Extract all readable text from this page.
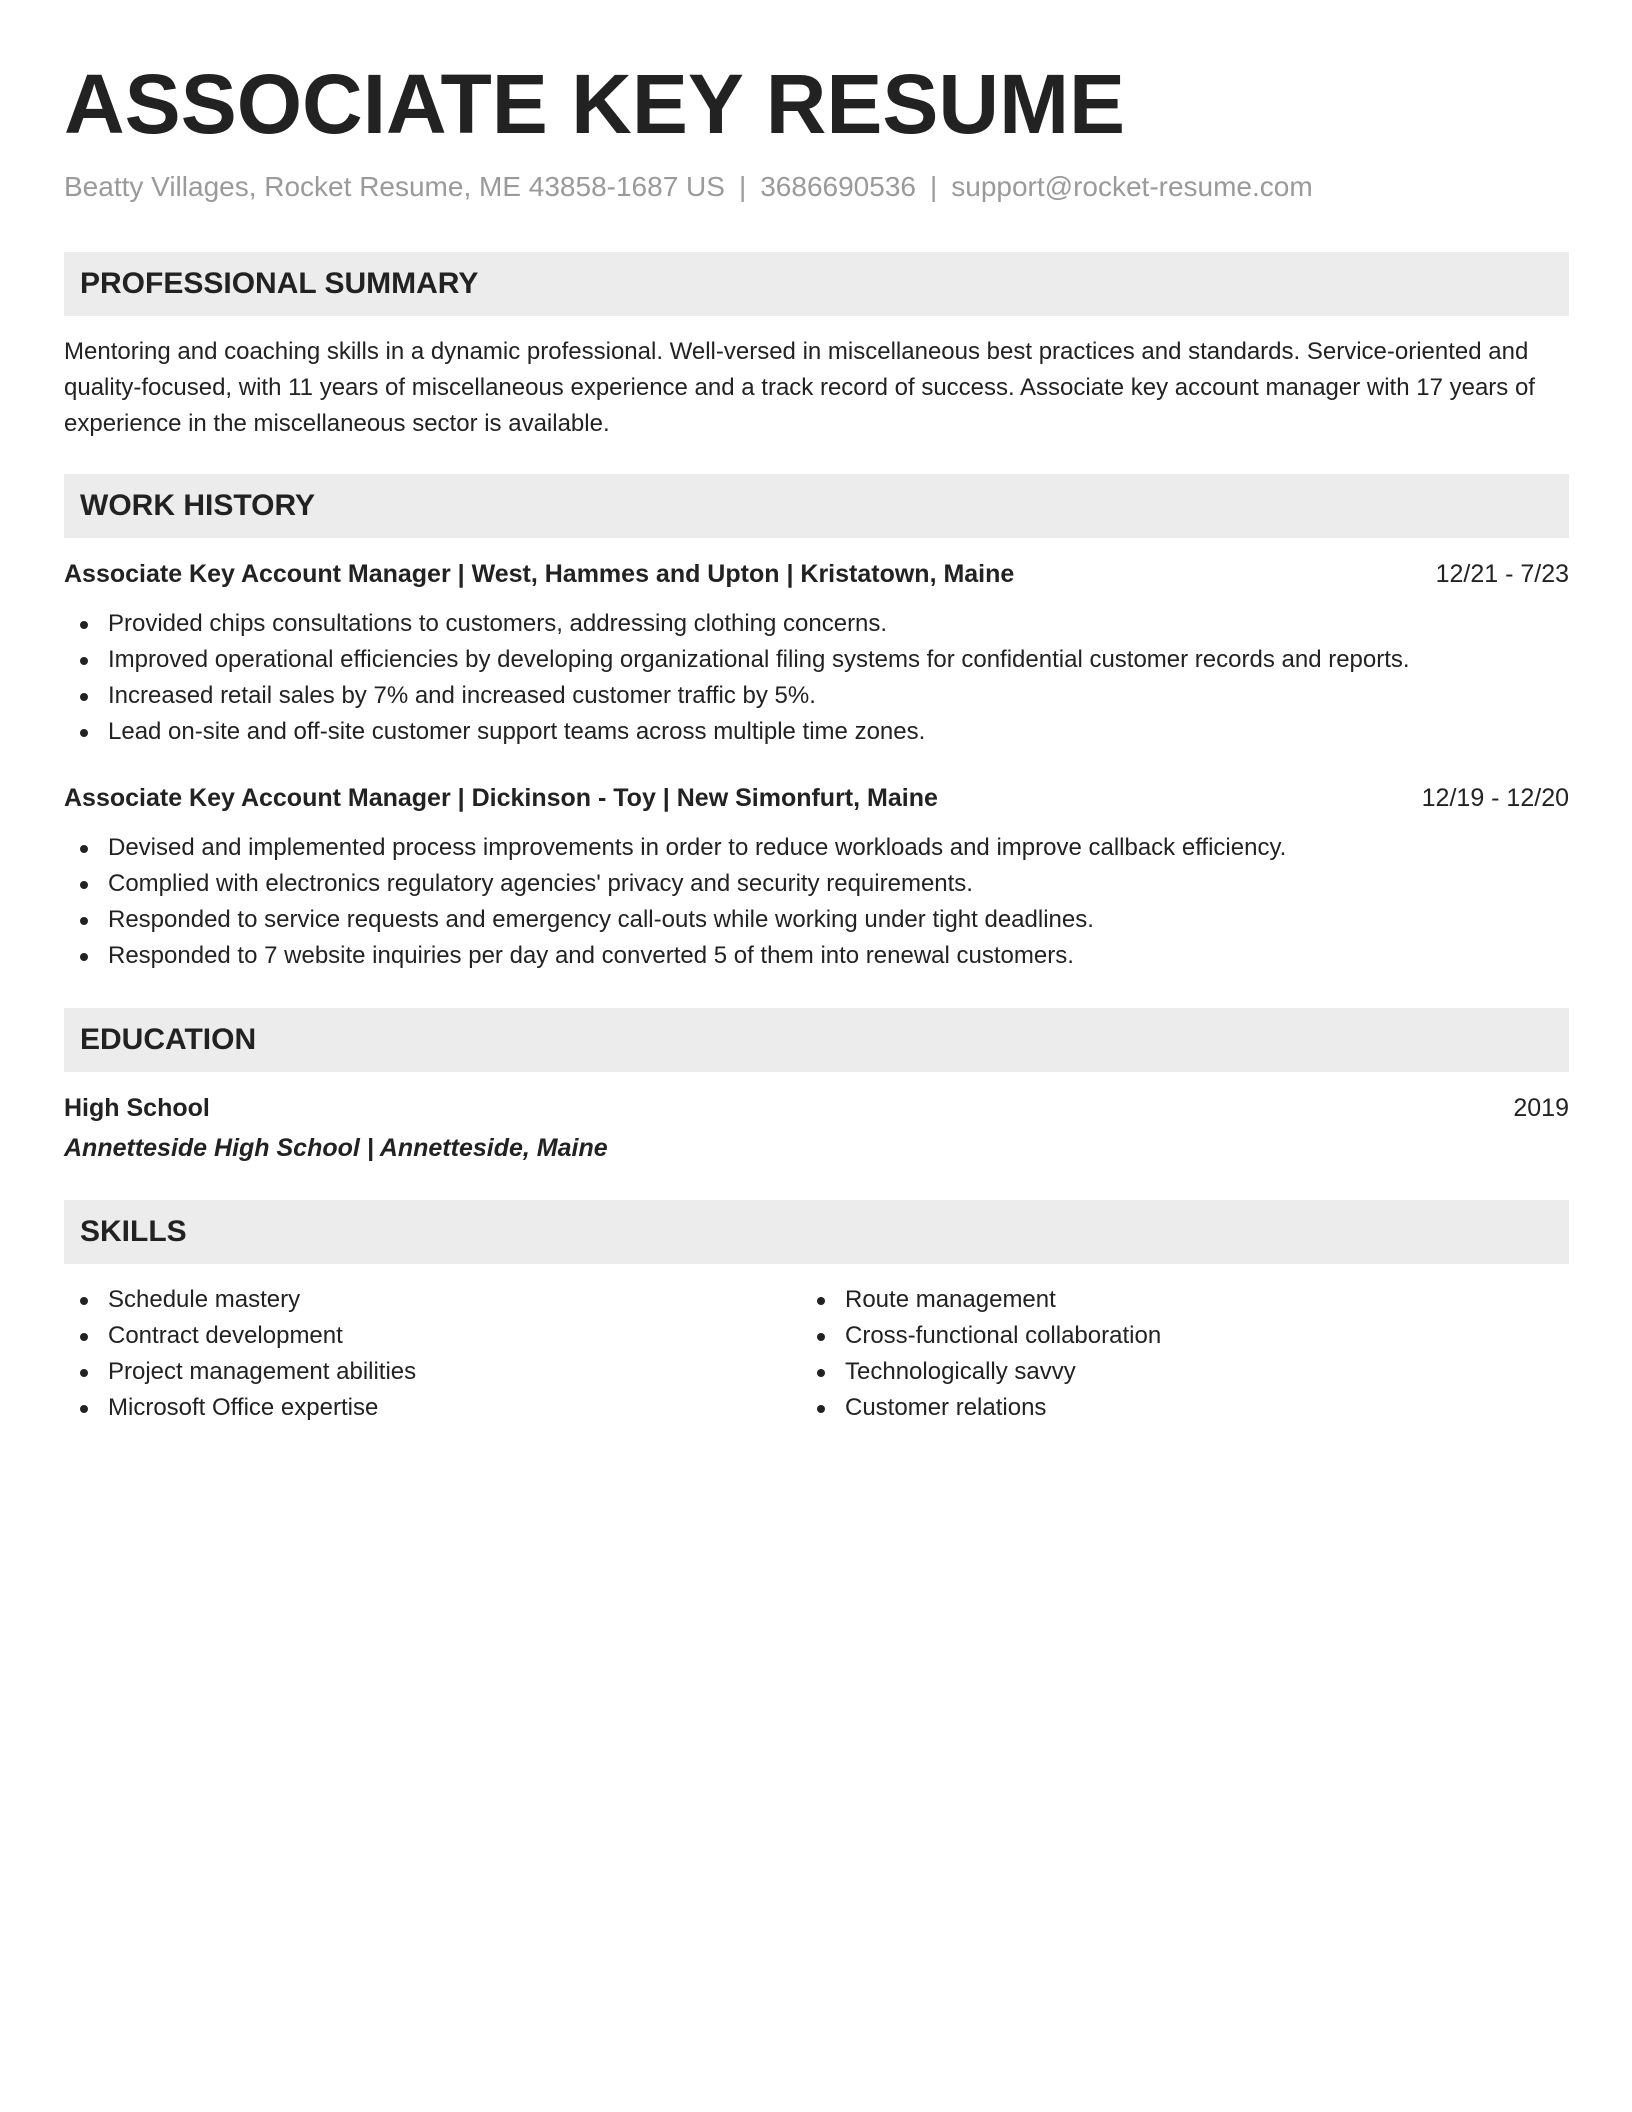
ASSOCIATE KEY RESUME
Beatty Villages, Rocket Resume, ME 43858-1687 US | 3686690536 | support@rocket-resume.com
PROFESSIONAL SUMMARY
Mentoring and coaching skills in a dynamic professional. Well-versed in miscellaneous best practices and standards. Service-oriented and quality-focused, with 11 years of miscellaneous experience and a track record of success. Associate key account manager with 17 years of experience in the miscellaneous sector is available.
WORK HISTORY
Associate Key Account Manager | West, Hammes and Upton | Kristatown, Maine	12/21 - 7/23
Provided chips consultations to customers, addressing clothing concerns.
Improved operational efficiencies by developing organizational filing systems for confidential customer records and reports.
Increased retail sales by 7% and increased customer traffic by 5%.
Lead on-site and off-site customer support teams across multiple time zones.
Associate Key Account Manager | Dickinson - Toy | New Simonfurt, Maine	12/19 - 12/20
Devised and implemented process improvements in order to reduce workloads and improve callback efficiency.
Complied with electronics regulatory agencies' privacy and security requirements.
Responded to service requests and emergency call-outs while working under tight deadlines.
Responded to 7 website inquiries per day and converted 5 of them into renewal customers.
EDUCATION
High School	2019
Annetteside High School | Annetteside, Maine
SKILLS
Schedule mastery
Contract development
Project management abilities
Microsoft Office expertise
Route management
Cross-functional collaboration
Technologically savvy
Customer relations
